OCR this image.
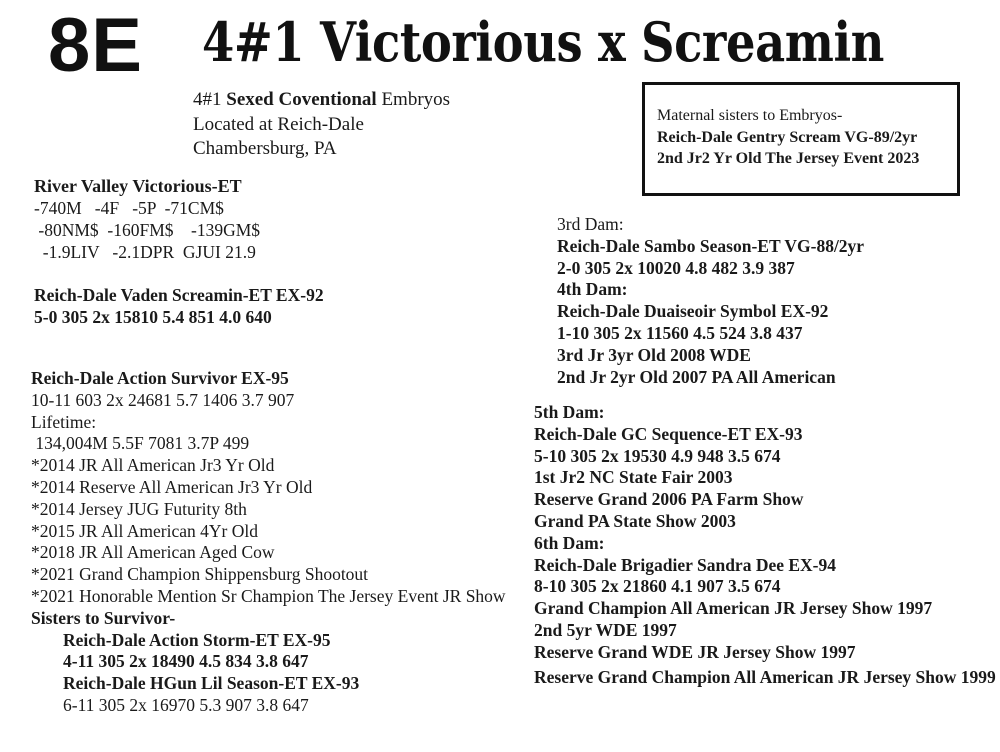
8E 4#1 Victorious x Screamin
4#1 Sexed Coventional Embryos
Located at Reich-Dale
Chambersburg, PA
Maternal sisters to Embryos-
Reich-Dale Gentry Scream VG-89/2yr
2nd Jr2 Yr Old The Jersey Event 2023
River Valley Victorious-ET
-740M   -4F   -5P  -71CM$
-80NM$  -160FM$    -139GM$
-1.9LIV   -2.1DPR  GJUI 21.9
Reich-Dale Vaden Screamin-ET EX-92
5-0 305 2x 15810 5.4 851 4.0 640
Reich-Dale Action Survivor EX-95
10-11 603 2x 24681 5.7 1406 3.7 907
Lifetime:
134,004M 5.5F 7081 3.7P 499
*2014 JR All American Jr3 Yr Old
*2014 Reserve All American Jr3 Yr Old
*2014 Jersey JUG Futurity 8th
*2015 JR All American 4Yr Old
*2018 JR All American Aged Cow
*2021 Grand Champion Shippensburg Shootout
*2021 Honorable Mention Sr Champion The Jersey Event JR Show
Sisters to Survivor-
Reich-Dale Action Storm-ET EX-95
4-11 305 2x 18490 4.5 834 3.8 647
Reich-Dale HGun Lil Season-ET EX-93
6-11 305 2x 16970 5.3 907 3.8 647
3rd Dam:
Reich-Dale Sambo Season-ET VG-88/2yr
2-0 305 2x 10020 4.8 482 3.9 387
4th Dam:
Reich-Dale Duaiseoir Symbol EX-92
1-10 305 2x 11560 4.5 524 3.8 437
3rd Jr 3yr Old 2008 WDE
2nd Jr 2yr Old 2007 PA All American
5th Dam:
Reich-Dale GC Sequence-ET EX-93
5-10 305 2x 19530 4.9 948 3.5 674
1st Jr2 NC State Fair 2003
Reserve Grand 2006 PA Farm Show
Grand PA State Show 2003
6th Dam:
Reich-Dale Brigadier Sandra Dee EX-94
8-10 305 2x 21860 4.1 907 3.5 674
Grand Champion All American JR Jersey Show 1997
2nd 5yr WDE 1997
Reserve Grand WDE JR Jersey Show 1997
Reserve Grand Champion All American JR Jersey Show 1999
